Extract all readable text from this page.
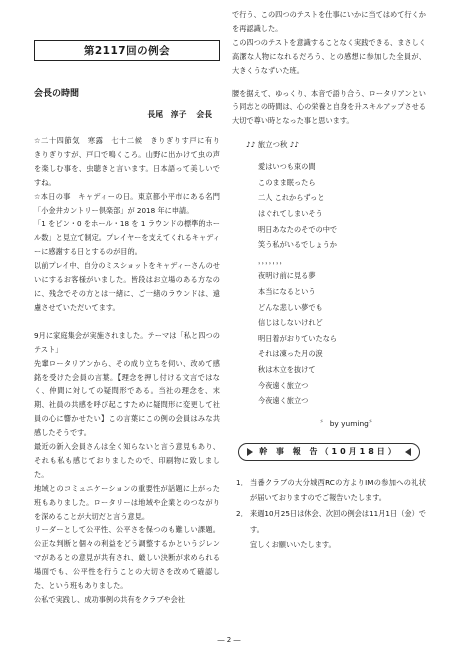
第2117回の例会
会長の時間
長尾　淳子 会長

☆二十四節気　寒露　七十二候　きりぎりす戸に有り　きりぎりすが、戸口で鳴くころ。山野に出かけて虫の声を楽しむ事を、虫聴きと言います。日本語って美しいですね。

☆本日の事　キャディーの日。東京都小平市にある名門「小金井カントリー倶楽部」が 2018 年に申請。

「1 をピン・0 をホール・18 を 1 ラウンドの標準的ホール数」と見立て制定。プレイヤーを支えてくれるキャディーに感謝する日とするのが目的。

以前プレイ中、自分のミスショットをキャディーさんのせいにするお客様がいました。皆段はお立場のある方なのに、残念でその方とは一緒に、ご一緒のラウンドは、遠慮させていただいてます。

9月に家庭集会が実施されました。テーマは「私と四つのテスト」

先輩ロータリアンから、その成り立ちを伺い、改めて感銘を受けた会員の言葉。【理念を押し付ける文言ではなく、仲間に対しての疑問形である。当社の理念を、末期、社員の共感を呼び起こすために疑問形に変更して社員の心に響かせたい】この言葉にこの例の会員はみな共感したそうです。

最近の新入会員さんは全く知らないと言う意見もあり、それも私も感じておりましたので、印刷物に致しました。

地域とのコミュニケーションの重要性が話題に上がった班もありました。ロータリーは地域や企業とのつながりを深めることが大切だと言う意見。

リーダーとして公平性、公平さを保つのも難しい課題。公正な判断と個々の利益をどう調整するかというジレンマがあるとの意見が共有され、厳しい決断が求められる場面でも、公平性を行うことの大切さを改めて確認した、という班もありました。

公私で実践し、成功事例の共有をクラブや会社

で行う、この四つのテストを仕事にいかに当てはめて行くかを再認識した。

この四つのテストを意識することなく実践できる、まさしく高潔な人物になれるだろう、との感想に参加した全員が、大きくうなずいた班。

腰を据えて、ゆっくり、本音で語り合う、ロータリアンという同志との時間は、心の栄養と自身を升スキルアップさせる大切で尊い時となった事と思います。

♪♪ 旅立つ秋 ♪♪
愛はいつも束の間
このまま眠ったら
二人 これからずっと
はぐれてしまいそう
明日あなたのそでの中で
笑う私がいるでしょうか
，，，，，，，
夜明け前に見る夢
本当になるという
どんな悲しい夢でも
信じはしないけれど
明日着がおりていたなら
それは凍った月の涙
秋は木立を抜けて
今夜遠く旅立つ
今夜遠く旅立つ
〞 by yuming〞
幹 事 報 告（10月18日）
1． 当番クラブの大分城西RCの方よりIMの参加への礼状が届いておりますのでご報告いたします。
2． 来週10月25日は休会、次回の例会は11月1日（金）です。
宜しくお願いいたします。
― 2 ―
